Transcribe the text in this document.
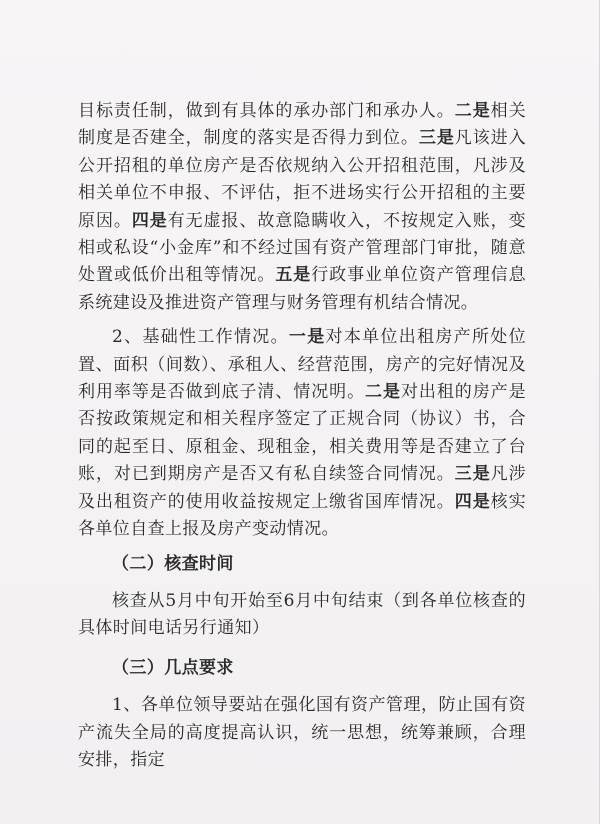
目标责任制，做到有具体的承办部门和承办人。二是相关制度是否建全，制度的落实是否得力到位。三是凡该进入公开招租的单位房产是否依规纳入公开招租范围，凡涉及相关单位不申报、不评估，拒不进场实行公开招租的主要原因。四是有无虚报、故意隐瞒收入，不按规定入账，变相或私设“小金库”和不经过国有资产管理部门审批，随意处置或低价出租等情况。五是行政事业单位资产管理信息系统建设及推进资产管理与财务管理有机结合情况。

2、基础性工作情况。一是对本单位出租房产所处位置、面积（间数）、承租人、经营范围，房产的完好情况及利用率等是否做到底子清、情况明。二是对出租的房产是否按政策规定和相关程序签定了正规合同（协议）书，合同的起至日、原租金、现租金，相关费用等是否建立了台账，对已到期房产是否又有私自续签合同情况。三是凡涉及出租资产的使用收益按规定上缴省国库情况。四是核实各单位自查上报及房产变动情况。

（二）核查时间

核查从5月中旬开始至6月中旬结束（到各单位核查的具体时间电话另行通知）

（三）几点要求

1、各单位领导要站在强化国有资产管理，防止国有资产流失全局的高度提高认识，统一思想，统筹兼顾，合理安排，指定
